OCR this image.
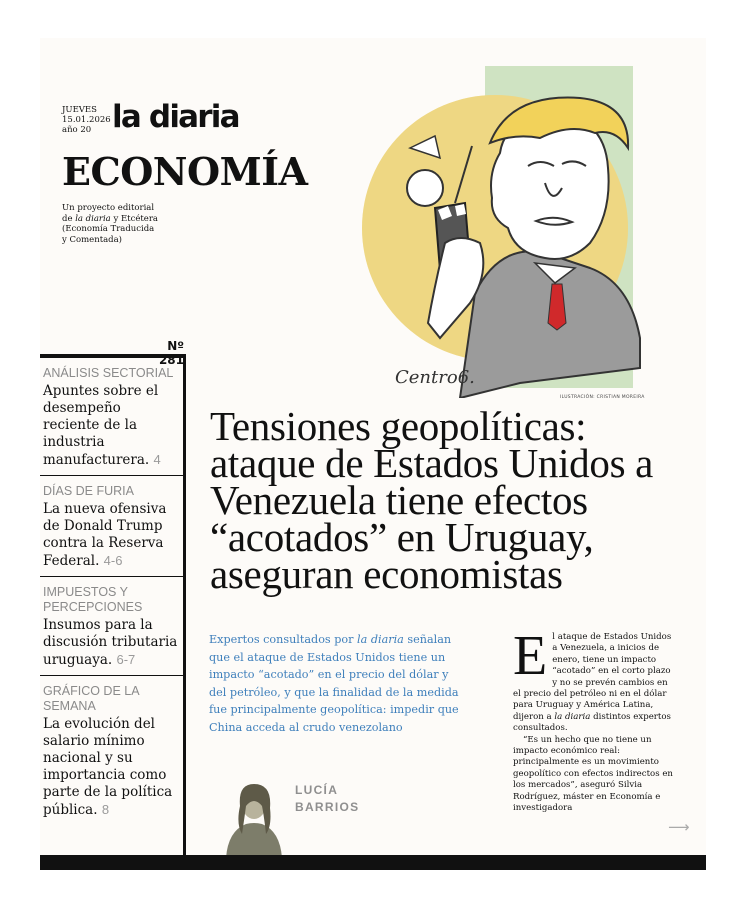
JUEVES
15.01.2026
año 20 la diaria
ECONOMÍA
Un proyecto editorial
de la diaria y Etcétera
(Economía Traducida
y Comentada)
Centro6.
ILUSTRACIÓN: CRISTIAN MOREIRA
Nº 281
ANÁLISIS SECTORIAL
Apuntes sobre el desempeño reciente de la industria manufacturera. 4
DÍAS DE FURIA
La nueva ofensiva de Donald Trump contra la Reserva Federal. 4-6
IMPUESTOS Y PERCEPCIONES
Insumos para la discusión tributaria uruguaya. 6-7
GRÁFICO DE LA SEMANA
La evolución del salario mínimo nacional y su importancia como parte de la política pública. 8
Tensiones geopolíticas: ataque de Estados Unidos a Venezuela tiene efectos “acotados” en Uruguay, aseguran economistas
Expertos consultados por la diaria señalan que el ataque de Estados Unidos tiene un impacto “acotado” en el precio del dólar y del petróleo, y que la finalidad de la medida fue principalmente geopolítica: impedir que China acceda al crudo venezolano

El ataque de Estados Unidos a Venezuela, a inicios de enero, tiene un impacto “acotado” en el corto plazo y no se prevén cambios en el precio del petróleo ni en el dólar para Uruguay y América Latina, dijeron a la diaria distintos expertos consultados.

“Es un hecho que no tiene un impacto económico real: principalmente es un movimiento geopolítico con efectos indirectos en los mercados”, aseguró Silvia Rodríguez, máster en Economía e investigadora

LUCÍA
BARRIOS
⟶
